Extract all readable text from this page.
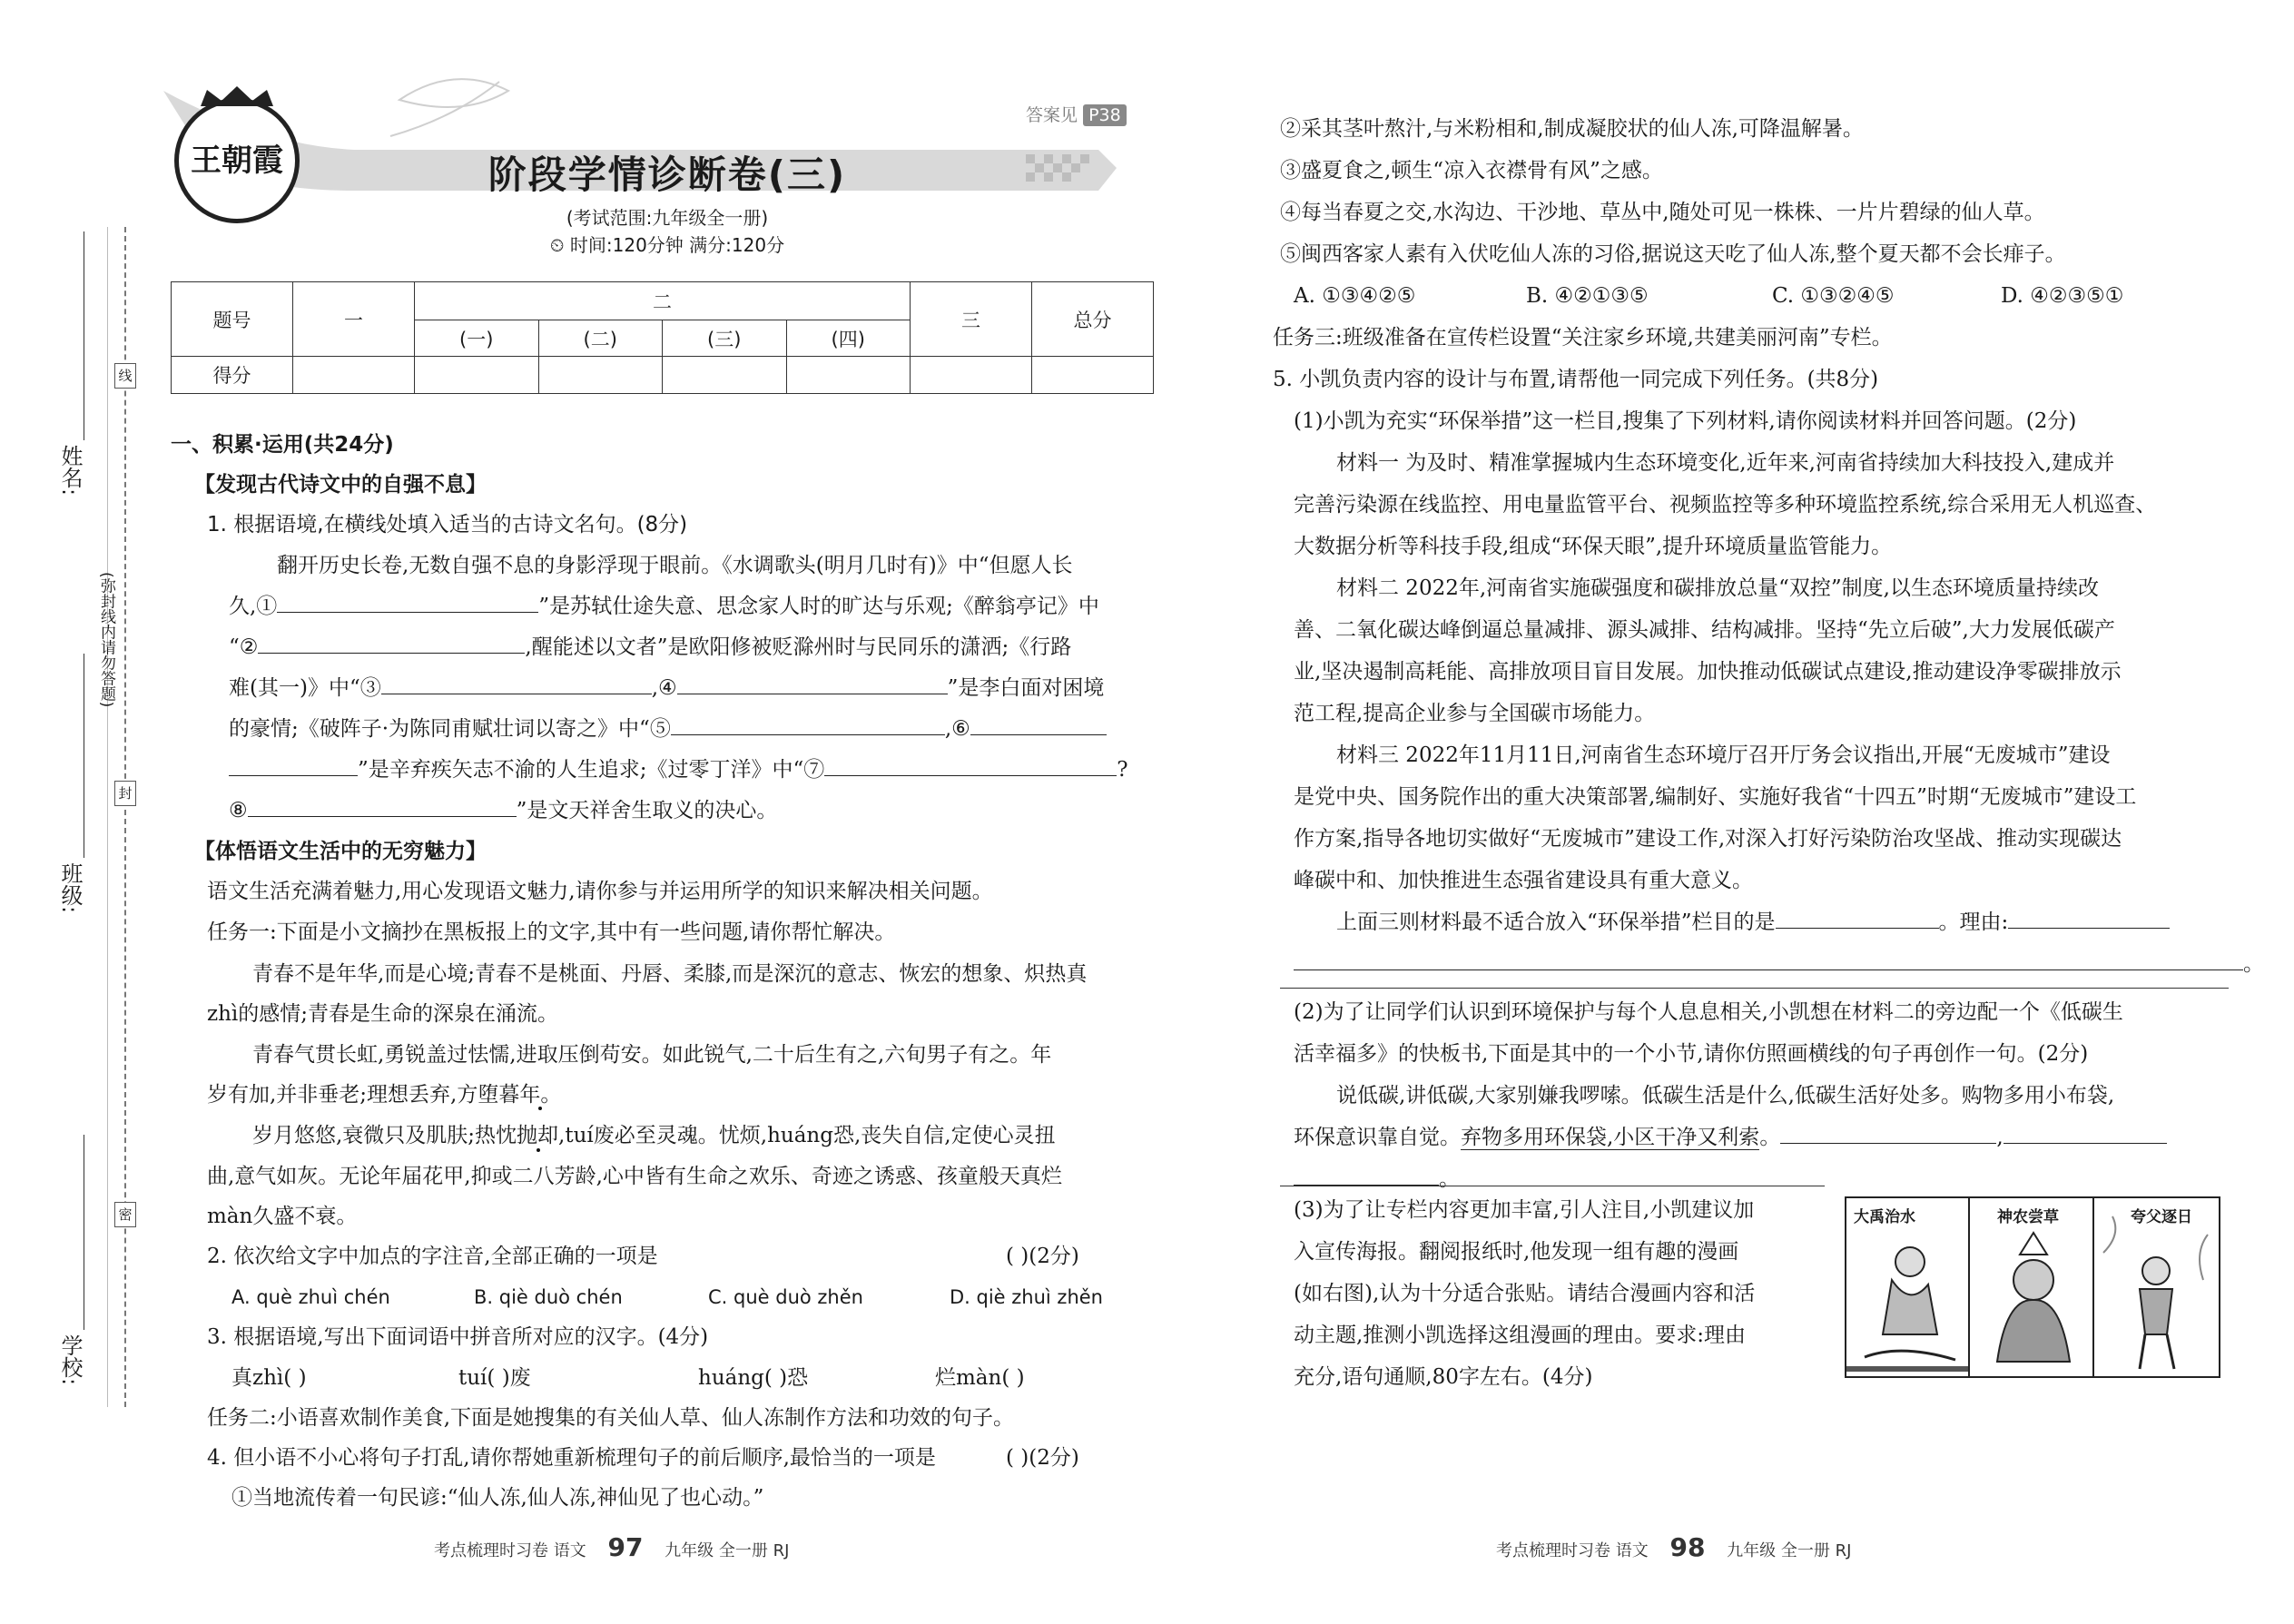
姓名:
班级:
学校:
(弥封线内请勿答题)
线
封
密
王朝霞
答案见 P38
阶段学情诊断卷(三)
(考试范围:九年级全一册)
⏲ 时间:120分钟 满分:120分
题号	一	二				三	总分
		(一)	(二)	(三)	(四)		
得分							
一、积累·运用(共24分)
【发现古代诗文中的自强不息】
1. 根据语境,在横线处填入适当的古诗文名句。(8分)
翻开历史长卷,无数自强不息的身影浮现于眼前。《水调歌头(明月几时有)》中“但愿人长
久,①	”是苏轼仕途失意、思念家人时的旷达与乐观;《醉翁亭记》中
“②	,醒能述以文者”是欧阳修被贬滁州时与民同乐的潇洒;《行路
难(其一)》中“③	,④	”是李白面对困境
的豪情;《破阵子·为陈同甫赋壮词以寄之》中“⑤	,⑥
”是辛弃疾矢志不渝的人生追求;《过零丁洋》中“⑦	?
⑧	”是文天祥舍生取义的决心。
【体悟语文生活中的无穷魅力】
语文生活充满着魅力,用心发现语文魅力,请你参与并运用所学的知识来解决相关问题。
任务一:下面是小文摘抄在黑板报上的文字,其中有一些问题,请你帮忙解决。
青春不是年华,而是心境;青春不是桃面、丹唇、柔膝,而是深沉的意志、恢宏的想象、炽热真
zhì的感情;青春是生命的深泉在涌流。
青春气贯长虹,勇锐盖过怯懦,进取压倒苟安。如此锐气,二十后生有之,六旬男子有之。年
岁有加,并非垂老;理想丢弃,方堕暮年。
岁月悠悠,衰微只及肌肤;热忱抛却,tuí废必至灵魂。忧烦,huáng恐,丧失自信,定使心灵扭
曲,意气如灰。无论年届花甲,抑或二八芳龄,心中皆有生命之欢乐、奇迹之诱惑、孩童般天真烂
màn久盛不衰。
2. 依次给文字中加点的字注音,全部正确的一项是	( )(2分)
A. què zhuì chén	B. qiè duò chén	C. què duò zhěn	D. qiè zhuì zhěn
3. 根据语境,写出下面词语中拼音所对应的汉字。(4分)
真zhì( )	tuí( )废	huáng( )恐	烂màn( )
任务二:小语喜欢制作美食,下面是她搜集的有关仙人草、仙人冻制作方法和功效的句子。
4. 但小语不小心将句子打乱,请你帮她重新梳理句子的前后顺序,最恰当的一项是	( )(2分)
①当地流传着一句民谚:“仙人冻,仙人冻,神仙见了也心动。”
考点梳理时习卷 语文 97 九年级 全一册 RJ
②采其茎叶熬汁,与米粉相和,制成凝胶状的仙人冻,可降温解暑。
③盛夏食之,顿生“凉入衣襟骨有风”之感。
④每当春夏之交,水沟边、干沙地、草丛中,随处可见一株株、一片片碧绿的仙人草。
⑤闽西客家人素有入伏吃仙人冻的习俗,据说这天吃了仙人冻,整个夏天都不会长痱子。
A. ①③④②⑤	B. ④②①③⑤	C. ①③②④⑤	D. ④②③⑤①
任务三:班级准备在宣传栏设置“关注家乡环境,共建美丽河南”专栏。
5. 小凯负责内容的设计与布置,请帮他一同完成下列任务。(共8分)
(1)小凯为充实“环保举措”这一栏目,搜集了下列材料,请你阅读材料并回答问题。(2分)
材料一 为及时、精准掌握城内生态环境变化,近年来,河南省持续加大科技投入,建成并
完善污染源在线监控、用电量监管平台、视频监控等多种环境监控系统,综合采用无人机巡查、
大数据分析等科技手段,组成“环保天眼”,提升环境质量监管能力。
材料二 2022年,河南省实施碳强度和碳排放总量“双控”制度,以生态环境质量持续改
善、二氧化碳达峰倒逼总量减排、源头减排、结构减排。坚持“先立后破”,大力发展低碳产
业,坚决遏制高耗能、高排放项目盲目发展。加快推动低碳试点建设,推动建设净零碳排放示
范工程,提高企业参与全国碳市场能力。
材料三 2022年11月11日,河南省生态环境厅召开厅务会议指出,开展“无废城市”建设
是党中央、国务院作出的重大决策部署,编制好、实施好我省“十四五”时期“无废城市”建设工
作方案,指导各地切实做好“无废城市”建设工作,对深入打好污染防治攻坚战、推动实现碳达
峰碳中和、加快推进生态强省建设具有重大意义。
上面三则材料最不适合放入“环保举措”栏目的是	。理由:
。
(2)为了让同学们认识到环境保护与每个人息息相关,小凯想在材料二的旁边配一个《低碳生
活幸福多》的快板书,下面是其中的一个小节,请你仿照画横线的句子再创作一句。(2分)
说低碳,讲低碳,大家别嫌我啰嗦。低碳生活是什么,低碳生活好处多。购物多用小布袋,
环保意识靠自觉。弃物多用环保袋,小区干净又利索。	,
。
(3)为了让专栏内容更加丰富,引人注目,小凯建议加
入宣传海报。翻阅报纸时,他发现一组有趣的漫画
(如右图),认为十分适合张贴。请结合漫画内容和活
动主题,推测小凯选择这组漫画的理由。要求:理由
充分,语句通顺,80字左右。(4分)
大禹治水	神农尝草	夸父逐日
考点梳理时习卷 语文 98 九年级 全一册 RJ
